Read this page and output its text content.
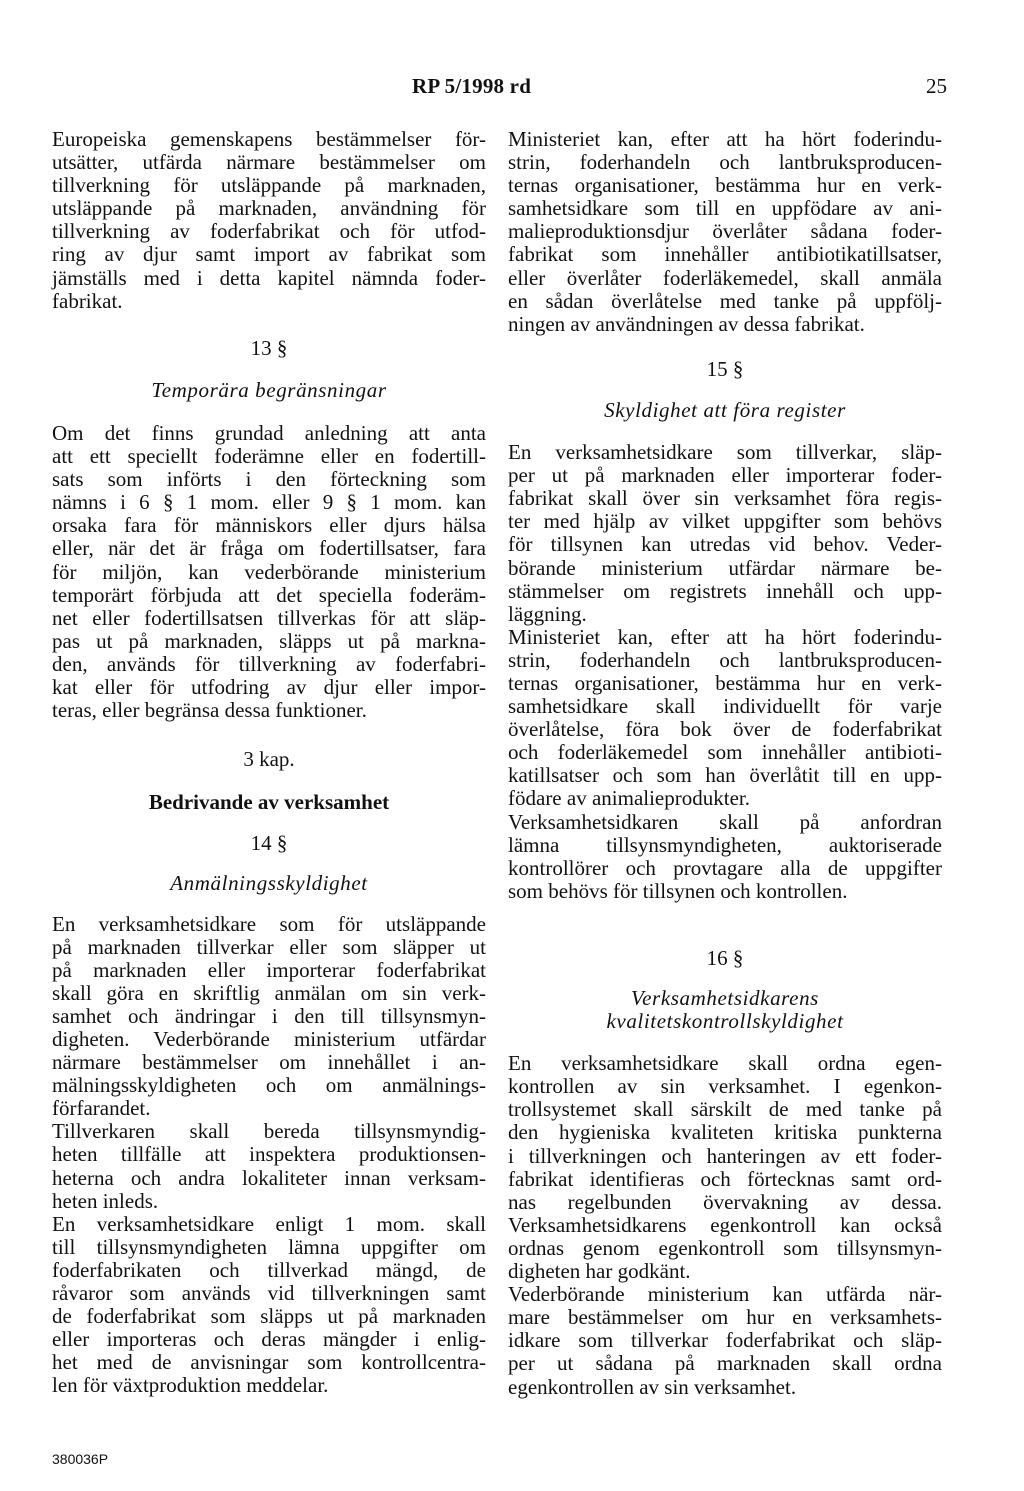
RP 5/1998 rd	25
Europeiska gemenskapens bestämmelser för-
utsätter, utfärda närmare bestämmelser om
tillverkning för utsläppande på marknaden,
utsläppande på marknaden, användning för
tillverkning av foderfabrikat och för utfod-
ring av djur samt import av fabrikat som
jämställs med i detta kapitel nämnda foder-
fabrikat.
13 §
Temporära begränsningar
Om det finns grundad anledning att anta
att ett speciellt foderämne eller en fodertill-
sats som införts i den förteckning som
nämns i 6 § 1 mom. eller 9 § 1 mom. kan
orsaka fara för människors eller djurs hälsa
eller, när det är fråga om fodertillsatser, fara
för miljön, kan vederbörande ministerium
temporärt förbjuda att det speciella foderäm-
net eller fodertillsatsen tillverkas för att släp-
pas ut på marknaden, släpps ut på markna-
den, används för tillverkning av foderfabri-
kat eller för utfodring av djur eller impor-
teras, eller begränsa dessa funktioner.
3 kap.
Bedrivande av verksamhet
14 §
Anmälningsskyldighet
En verksamhetsidkare som för utsläppande
på marknaden tillverkar eller som släpper ut
på marknaden eller importerar foderfabrikat
skall göra en skriftlig anmälan om sin verk-
samhet och ändringar i den till tillsynsmyn-
digheten. Vederbörande ministerium utfärdar
närmare bestämmelser om innehållet i an-
mälningsskyldigheten och om anmälnings-
förfarandet.
Tillverkaren skall bereda tillsynsmyndig-
heten tillfälle att inspektera produktionsen-
heterna och andra lokaliteter innan verksam-
heten inleds.
En verksamhetsidkare enligt 1 mom. skall
till tillsynsmyndigheten lämna uppgifter om
foderfabrikaten och tillverkad mängd, de
råvaror som används vid tillverkningen samt
de foderfabrikat som släpps ut på marknaden
eller importeras och deras mängder i enlig-
het med de anvisningar som kontrollcentra-
len för växtproduktion meddelar.
Ministeriet kan, efter att ha hört foderindu-
strin, foderhandeln och lantbruksproducen-
ternas organisationer, bestämma hur en verk-
samhetsidkare som till en uppfödare av ani-
malieproduktionsdjur överlåter sådana foder-
fabrikat som innehåller antibiotikatillsatser,
eller överlåter foderläkemedel, skall anmäla
en sådan överlåtelse med tanke på uppfölj-
ningen av användningen av dessa fabrikat.
15 §
Skyldighet att föra register
En verksamhetsidkare som tillverkar, släp-
per ut på marknaden eller importerar foder-
fabrikat skall över sin verksamhet föra regis-
ter med hjälp av vilket uppgifter som behövs
för tillsynen kan utredas vid behov. Veder-
börande ministerium utfärdar närmare be-
stämmelser om registrets innehåll och upp-
läggning.
Ministeriet kan, efter att ha hört foderindu-
strin, foderhandeln och lantbruksproducen-
ternas organisationer, bestämma hur en verk-
samhetsidkare skall individuellt för varje
överlåtelse, föra bok över de foderfabrikat
och foderläkemedel som innehåller antibioti-
katillsatser och som han överlåtit till en upp-
födare av animalieprodukter.
Verksamhetsidkaren skall på anfordran
lämna tillsynsmyndigheten, auktoriserade
kontrollörer och provtagare alla de uppgifter
som behövs för tillsynen och kontrollen.
16 §
Verksamhetsidkarens
kvalitetskontrollskyldighet
En verksamhetsidkare skall ordna egen-
kontrollen av sin verksamhet. I egenkon-
trollsystemet skall särskilt de med tanke på
den hygieniska kvaliteten kritiska punkterna
i tillverkningen och hanteringen av ett foder-
fabrikat identifieras och förtecknas samt ord-
nas regelbunden övervakning av dessa.
Verksamhetsidkarens egenkontroll kan också
ordnas genom egenkontroll som tillsynsmyn-
digheten har godkänt.
Vederbörande ministerium kan utfärda när-
mare bestämmelser om hur en verksamhets-
idkare som tillverkar foderfabrikat och släp-
per ut sådana på marknaden skall ordna
egenkontrollen av sin verksamhet.
380036P
